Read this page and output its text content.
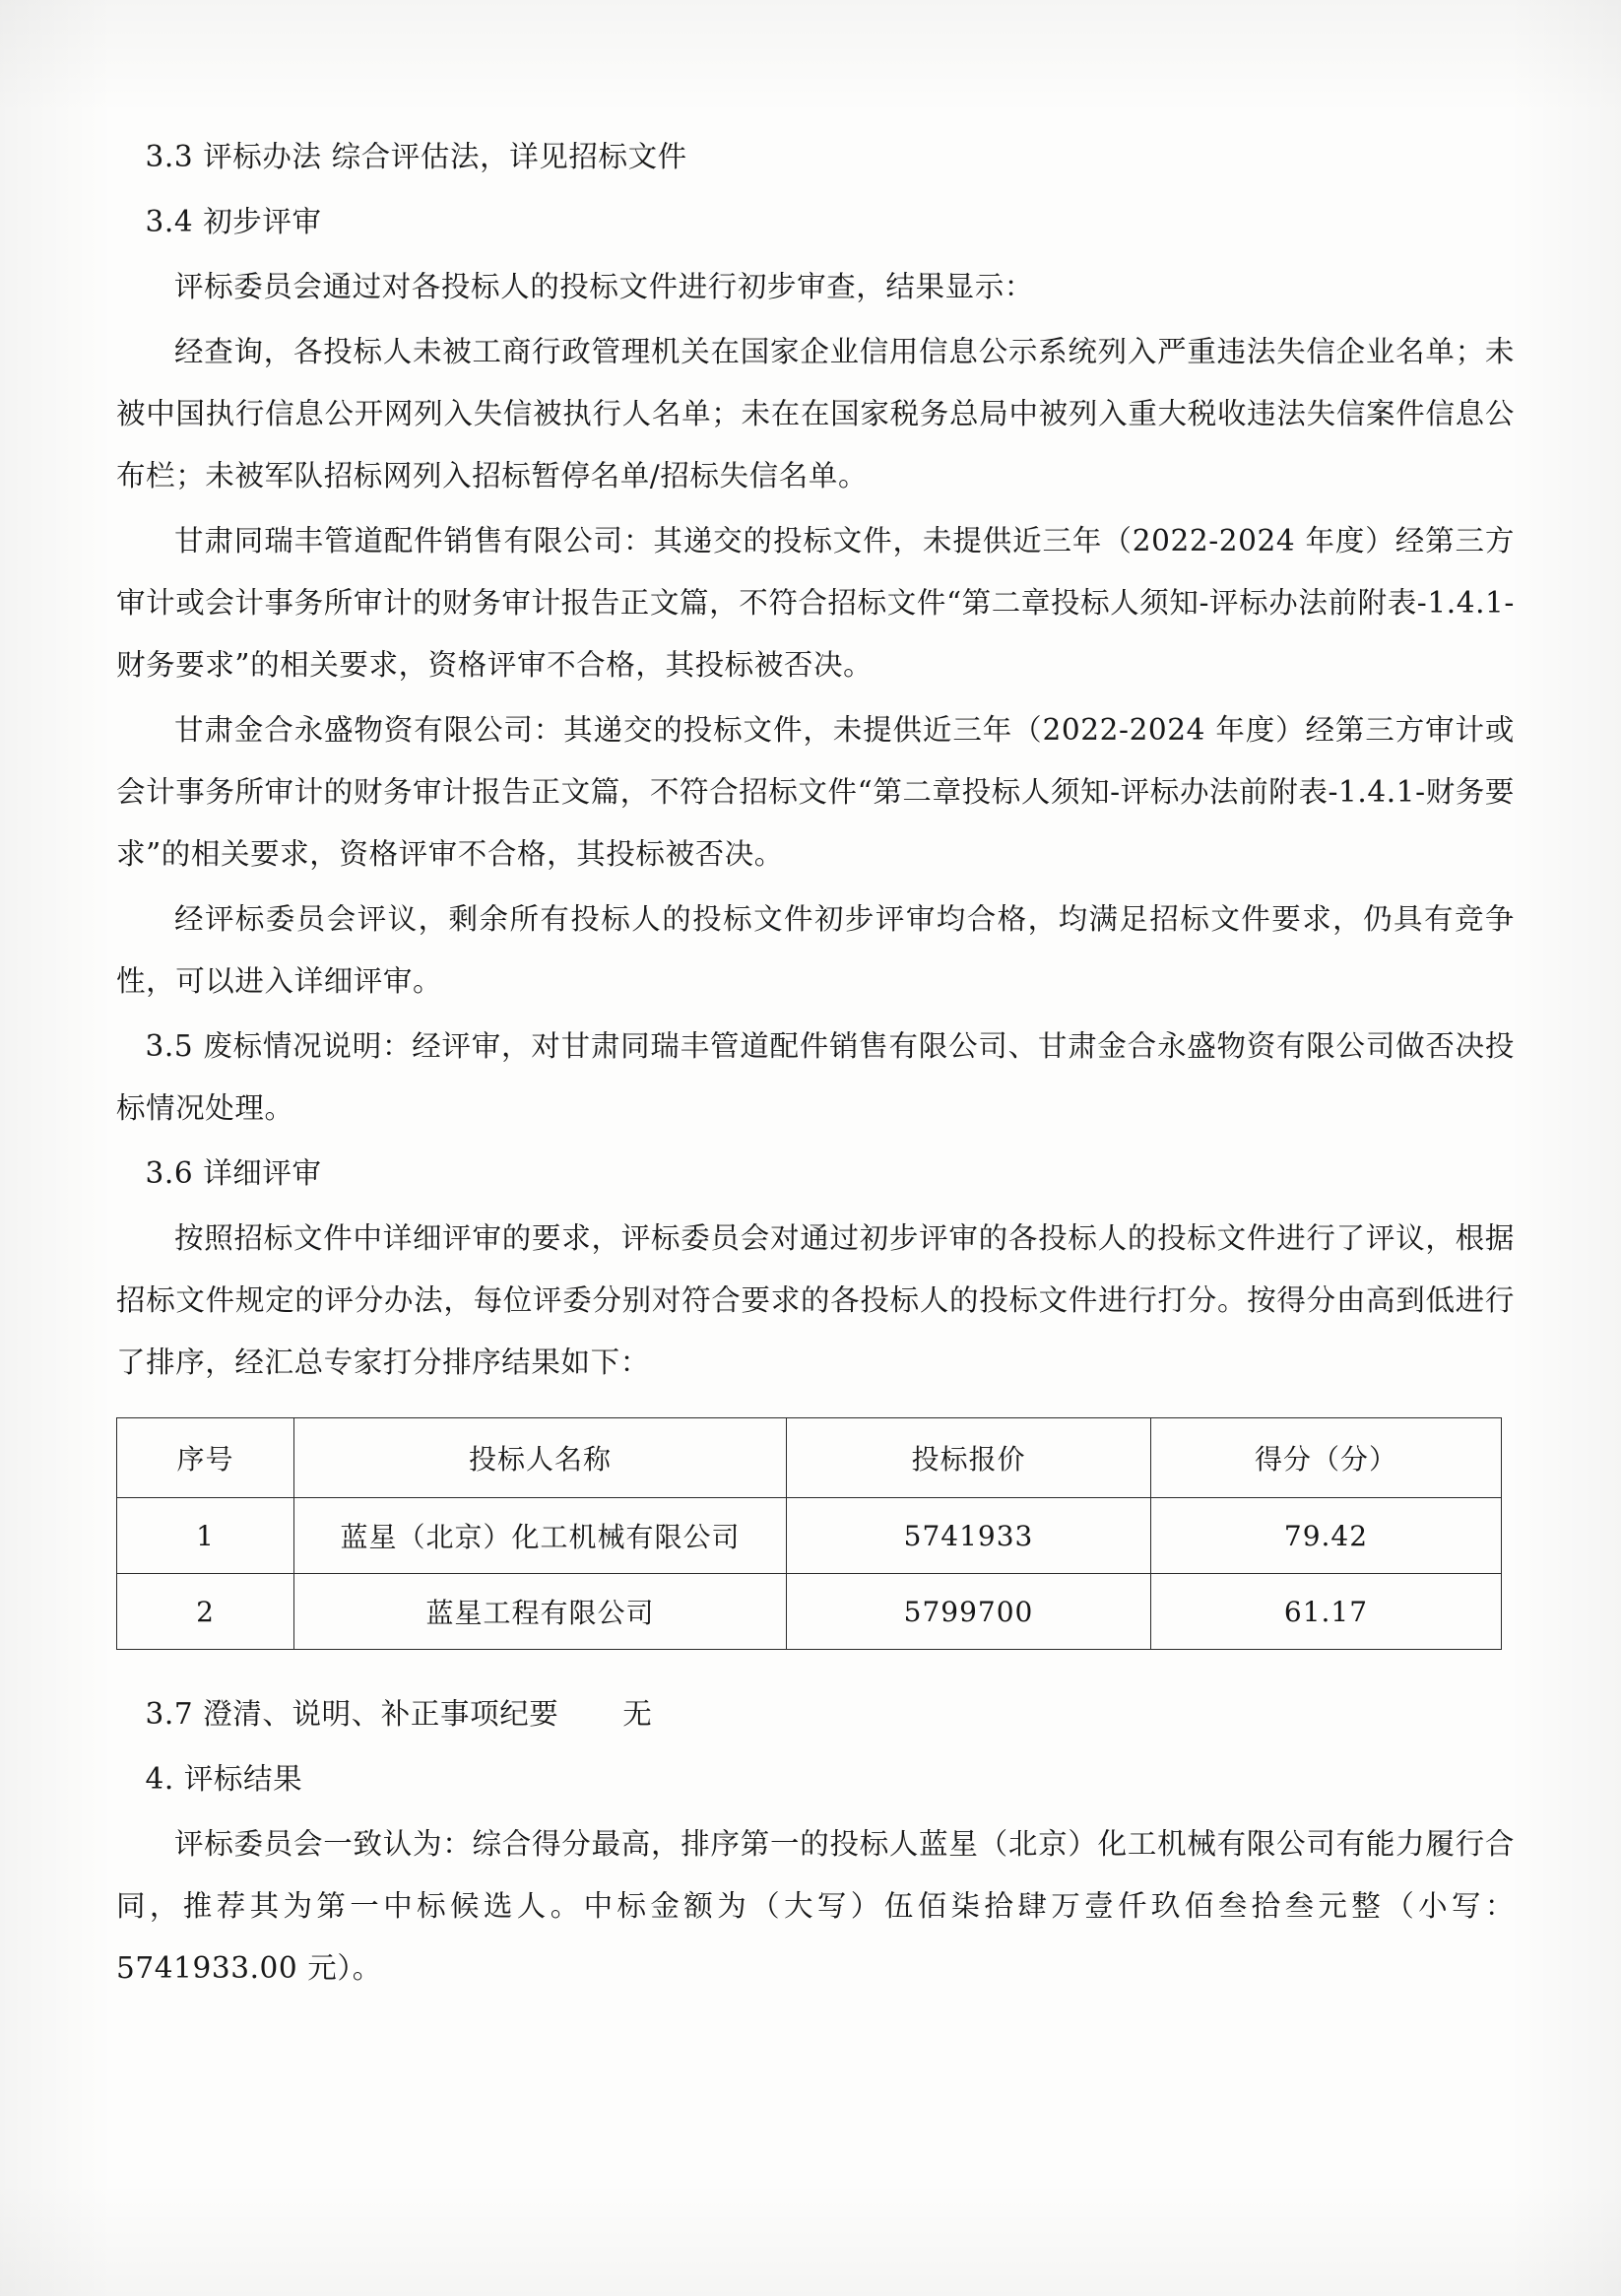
3.3 评标办法 综合评估法，详见招标文件

3.4 初步评审

评标委员会通过对各投标人的投标文件进行初步审查，结果显示：

经查询，各投标人未被工商行政管理机关在国家企业信用信息公示系统列入严重违法失信企业名单；未被中国执行信息公开网列入失信被执行人名单；未在在国家税务总局中被列入重大税收违法失信案件信息公布栏；未被军队招标网列入招标暂停名单/招标失信名单。

甘肃同瑞丰管道配件销售有限公司：其递交的投标文件，未提供近三年（2022-2024 年度）经第三方审计或会计事务所审计的财务审计报告正文篇，不符合招标文件“第二章投标人须知-评标办法前附表-1.4.1-财务要求”的相关要求，资格评审不合格，其投标被否决。

甘肃金合永盛物资有限公司：其递交的投标文件，未提供近三年（2022-2024 年度）经第三方审计或会计事务所审计的财务审计报告正文篇，不符合招标文件“第二章投标人须知-评标办法前附表-1.4.1-财务要求”的相关要求，资格评审不合格，其投标被否决。

经评标委员会评议，剩余所有投标人的投标文件初步评审均合格，均满足招标文件要求，仍具有竞争性，可以进入详细评审。

3.5 废标情况说明：经评审，对甘肃同瑞丰管道配件销售有限公司、甘肃金合永盛物资有限公司做否决投标情况处理。

3.6 详细评审

按照招标文件中详细评审的要求，评标委员会对通过初步评审的各投标人的投标文件进行了评议，根据招标文件规定的评分办法，每位评委分别对符合要求的各投标人的投标文件进行打分。按得分由高到低进行了排序，经汇总专家打分排序结果如下：

序号	投标人名称	投标报价	得分（分）
1	蓝星（北京）化工机械有限公司	5741933	79.42
2	蓝星工程有限公司	5799700	61.17

3.7 澄清、说明、补正事项纪要 无

4. 评标结果

评标委员会一致认为：综合得分最高，排序第一的投标人蓝星（北京）化工机械有限公司有能力履行合同，推荐其为第一中标候选人。中标金额为（大写）伍佰柒拾肆万壹仟玖佰叁拾叁元整（小写：5741933.00 元）。
